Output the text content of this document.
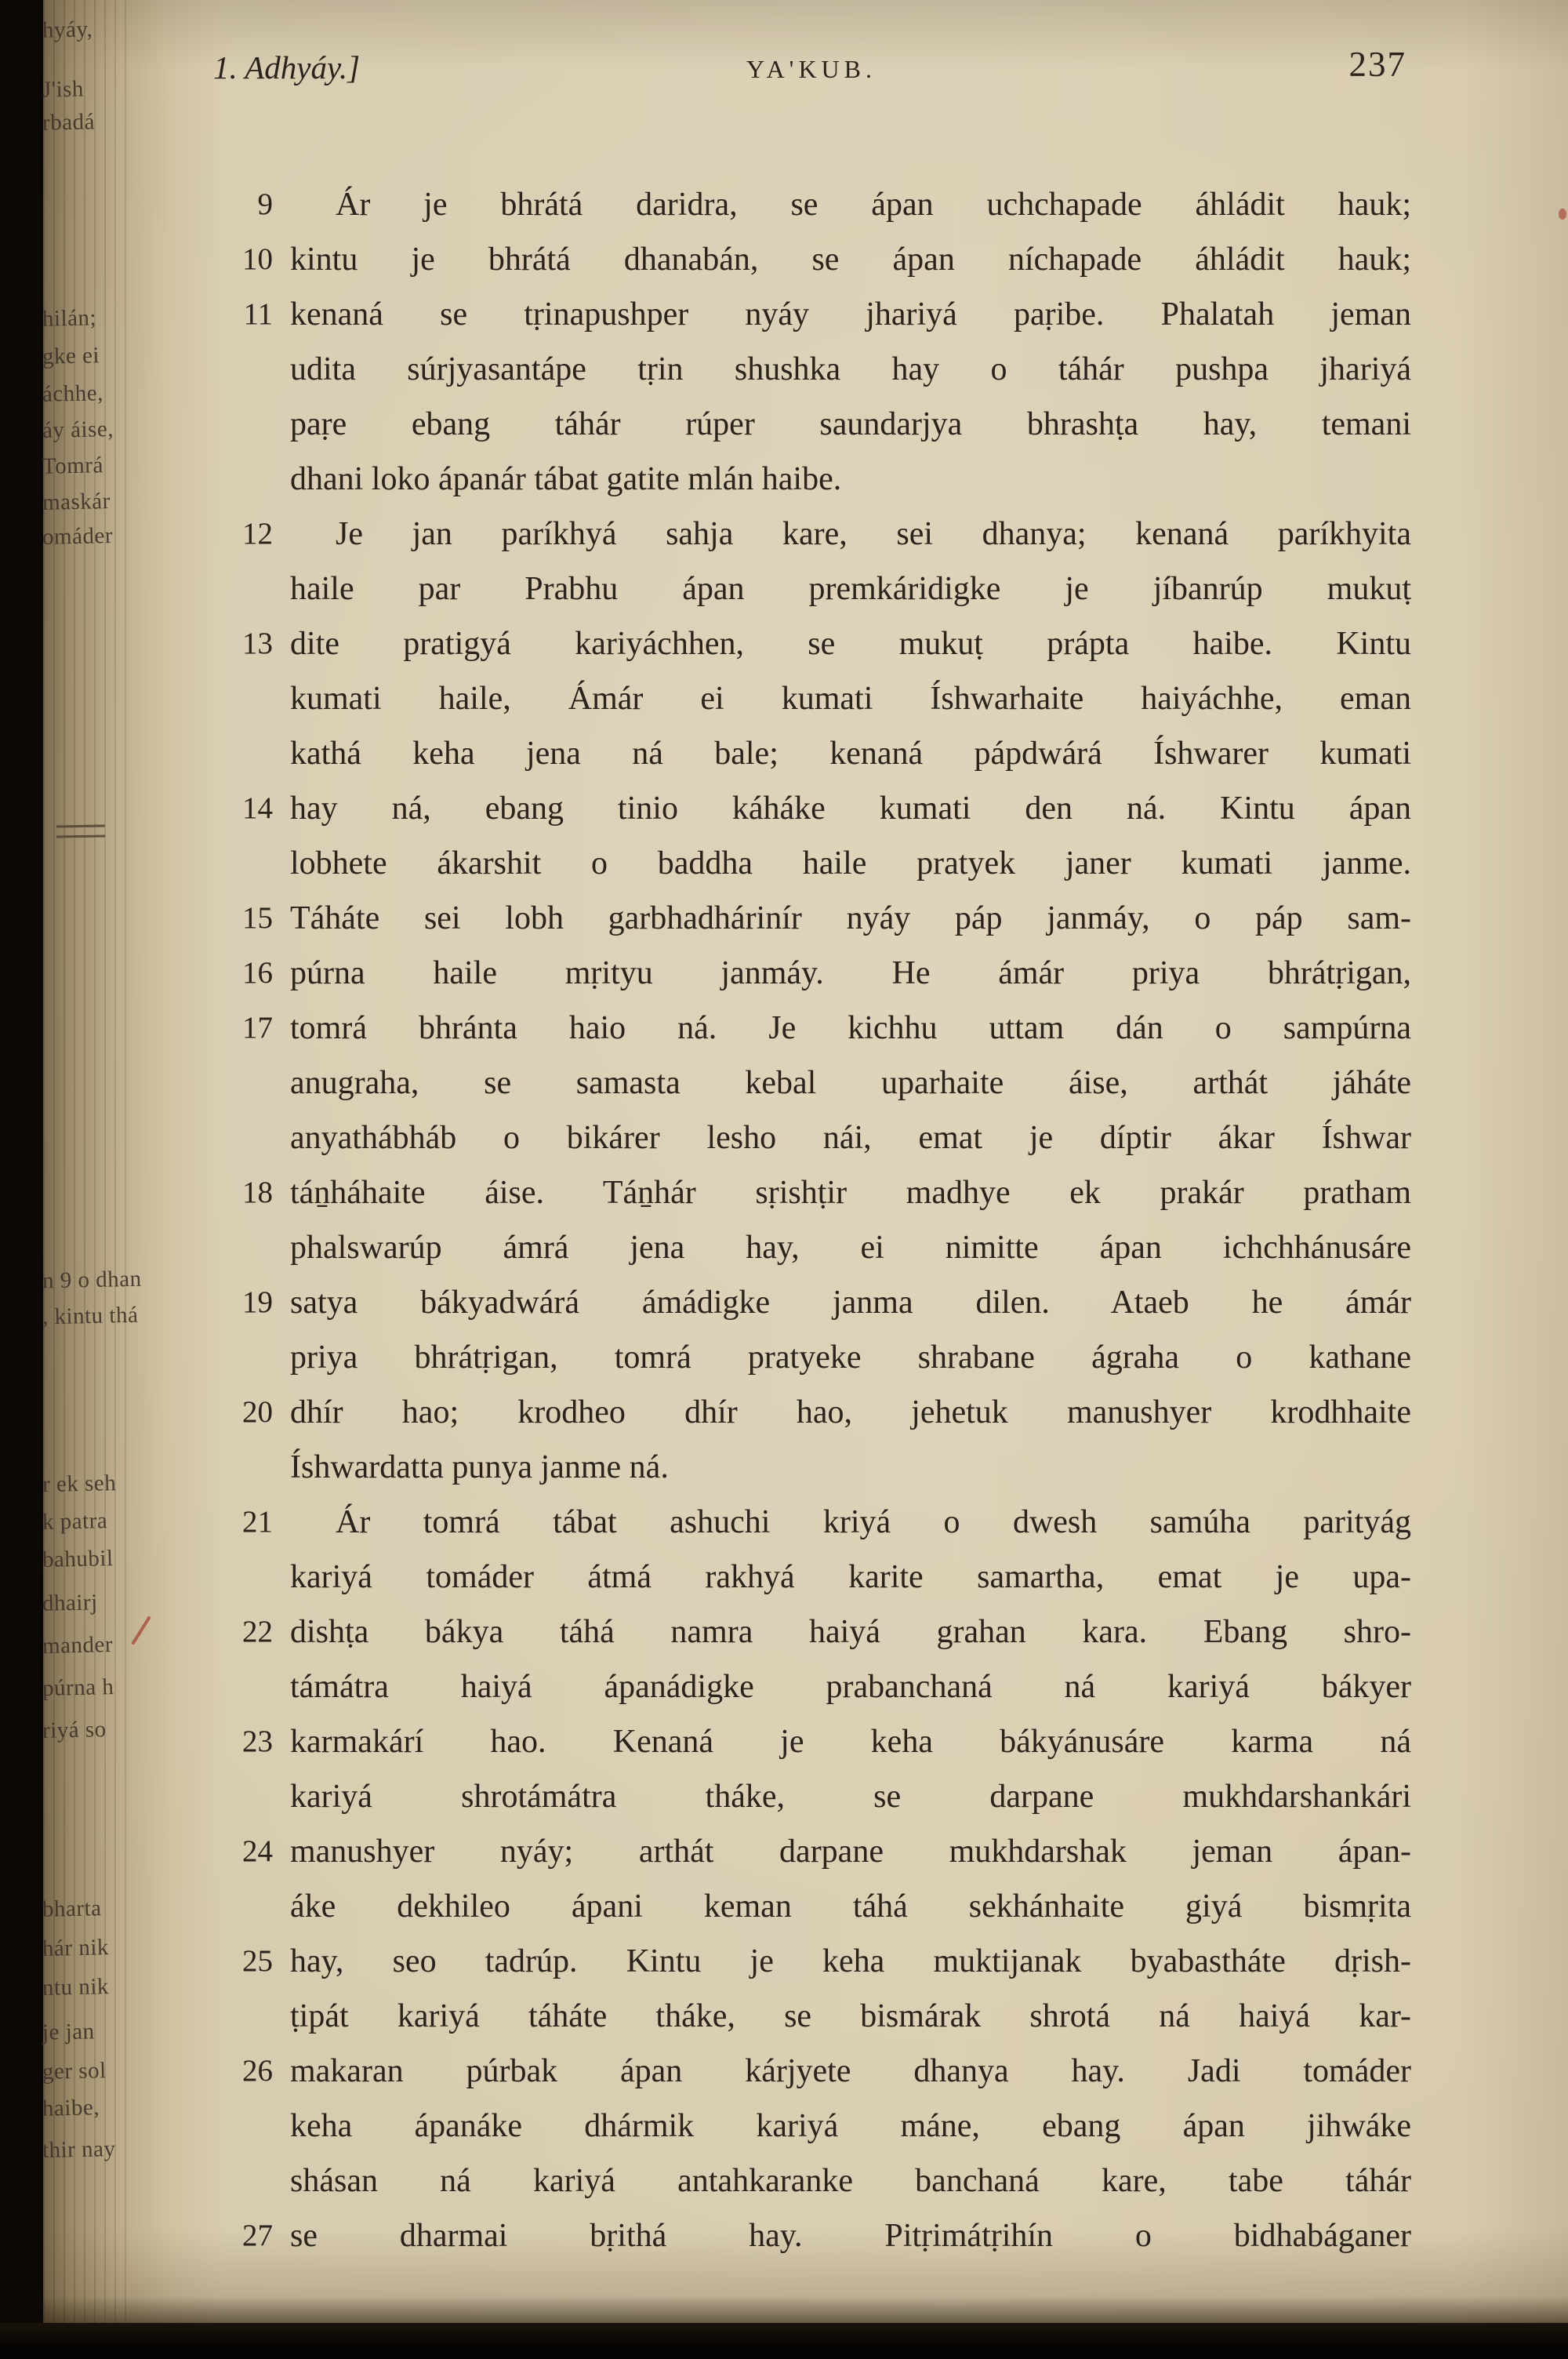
hyáy,
J'ish
rbadá
hilán;
gke ei
áchhe,
áy áise,
Tomrá
maskár
omáder
n 9 o dhan
, kintu thá
r ek seh
k patra
bahubil
dhairj
mander
púrna h
riyá so
bharta
hár nik
ntu nik
je jan
ger sol
haibe,
thir nay
1. Adhyáy.]	YA'KUB.	237
9	Ár je bhrátá daridra, se ápan uchchapade áhládit hauk;
10 kintu je bhrátá dhanabán, se ápan níchapade áhládit hauk;
11 kenaná se tṛinapushper nyáy jhariyá paṛibe. Phalatah jeman
udita súrjyasantápe tṛin shushka hay o táhár pushpa jhariyá
paṛe ebang táhár rúper saundarjya bhrashṭa hay, temani
dhani loko ápanár tábat gatite mlán haibe.
12	Je jan paríkhyá sahja kare, sei dhanya; kenaná paríkhyita
haile par Prabhu ápan premkáridigke je jíbanrúp mukuṭ
13 dite pratigyá kariyáchhen, se mukuṭ prápta haibe. Kintu
kumati haile, Ámár ei kumati Íshwarhaite haiyáchhe, eman
kathá keha jena ná bale; kenaná pápdwárá Íshwarer kumati
14 hay ná, ebang tinio káháke kumati den ná. Kintu ápan
lobhete ákarshit o baddha haile pratyek janer kumati janme.
15 Táháte sei lobh garbhadhárinír nyáy páp janmáy, o páp sam-
16 púrna haile mṛityu janmáy. He ámár priya bhrátṛigan,
17 tomrá bhránta haio ná. Je kichhu uttam dán o sampúrna
anugraha, se samasta kebal uparhaite áise, arthát jáháte
anyathábháb o bikárer lesho nái, emat je díptir ákar Íshwar
18 táṉháhaite áise. Táṉhár sṛishṭir madhye ek prakár pratham
phalswarúp ámrá jena hay, ei nimitte ápan ichchhánusáre
19 satya bákyadwárá ámádigke janma dilen. Ataeb he ámár
priya bhrátṛigan, tomrá pratyeke shrabane ágraha o kathane
20 dhír hao; krodheo dhír hao, jehetuk manushyer krodhhaite
Íshwardatta punya janme ná.
21	Ár tomrá tábat ashuchi kriyá o dwesh samúha parityág
kariyá tomáder átmá rakhyá karite samartha, emat je upa-
22 dishṭa bákya táhá namra haiyá grahan kara. Ebang shro-
támátra haiyá ápanádigke prabanchaná ná kariyá bákyer
23 karmakárí hao. Kenaná je keha bákyánusáre karma ná
kariyá shrotámátra tháke, se darpane mukhdarshankári
24 manushyer nyáy; arthát darpane mukhdarshak jeman ápan-
áke dekhileo ápani keman táhá sekhánhaite giyá bismṛita
25 hay, seo tadrúp. Kintu je keha muktijanak byabastháte dṛish-
ṭipát kariyá táháte tháke, se bismárak shrotá ná haiyá kar-
26 makaran púrbak ápan kárjyete dhanya hay. Jadi tomáder
keha ápanáke dhármik kariyá máne, ebang ápan jihwáke
shásan ná kariyá antahkaranke banchaná kare, tabe táhár
27 se dharmai bṛithá hay. Pitṛimátṛihín o bidhabáganer
